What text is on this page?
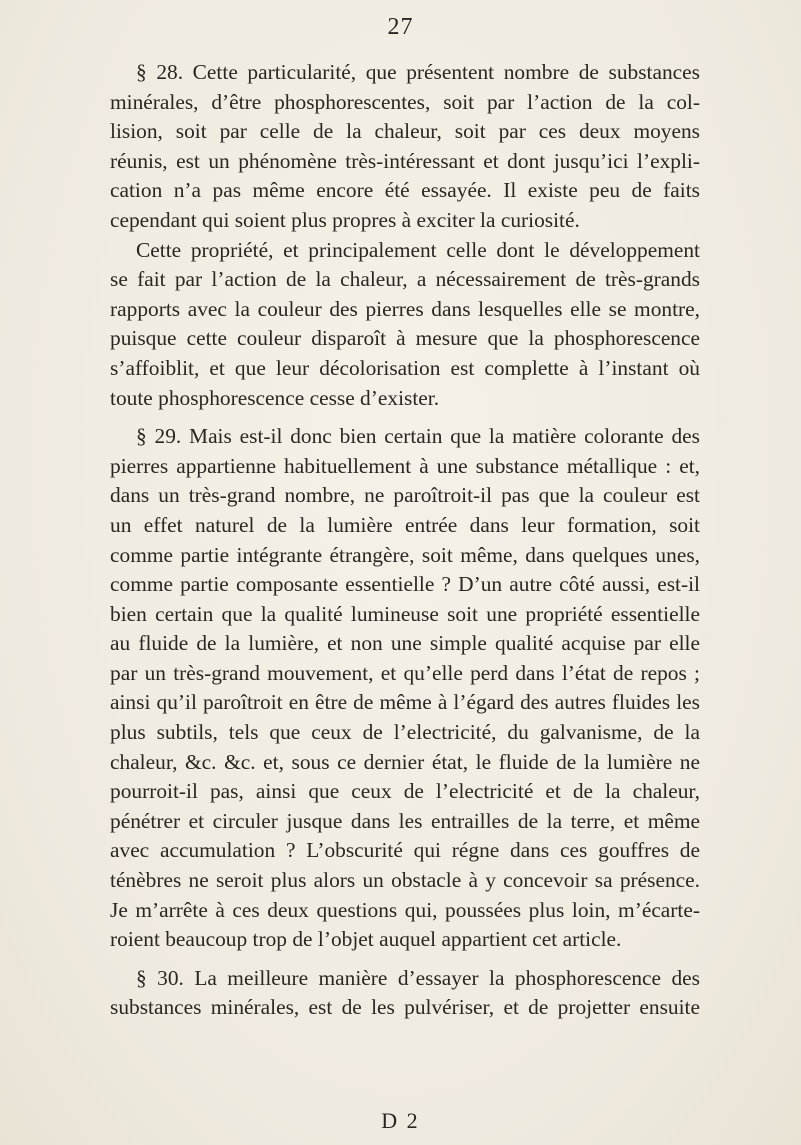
27
§ 28. Cette particularité, que présentent nombre de substances
minérales, d’être phosphorescentes, soit par l’action de la col-
lision, soit par celle de la chaleur, soit par ces deux moyens
réunis, est un phénomène très-intéressant et dont jusqu’ici l’expli-
cation n’a pas même encore été essayée. Il existe peu de faits
cependant qui soient plus propres à exciter la curiosité.
Cette propriété, et principalement celle dont le développement
se fait par l’action de la chaleur, a nécessairement de très-grands
rapports avec la couleur des pierres dans lesquelles elle se montre,
puisque cette couleur disparoît à mesure que la phosphorescence
s’affoiblit, et que leur décolorisation est complette à l’instant où
toute phosphorescence cesse d’exister.
§ 29. Mais est-il donc bien certain que la matière colorante des
pierres appartienne habituellement à une substance métallique : et,
dans un très-grand nombre, ne paroîtroit-il pas que la couleur est
un effet naturel de la lumière entrée dans leur formation, soit
comme partie intégrante étrangère, soit même, dans quelques unes,
comme partie composante essentielle ? D’un autre côté aussi, est-il
bien certain que la qualité lumineuse soit une propriété essentielle
au fluide de la lumière, et non une simple qualité acquise par elle
par un très-grand mouvement, et qu’elle perd dans l’état de repos ;
ainsi qu’il paroîtroit en être de même à l’égard des autres fluides les
plus subtils, tels que ceux de l’electricité, du galvanisme, de la
chaleur, &c. &c. et, sous ce dernier état, le fluide de la lumière ne
pourroit-il pas, ainsi que ceux de l’electricité et de la chaleur,
pénétrer et circuler jusque dans les entrailles de la terre, et même
avec accumulation ? L’obscurité qui régne dans ces gouffres de
ténèbres ne seroit plus alors un obstacle à y concevoir sa présence.
Je m’arrête à ces deux questions qui, poussées plus loin, m’écarte-
roient beaucoup trop de l’objet auquel appartient cet article.
§ 30. La meilleure manière d’essayer la phosphorescence des
substances minérales, est de les pulvériser, et de projetter ensuite
D 2
